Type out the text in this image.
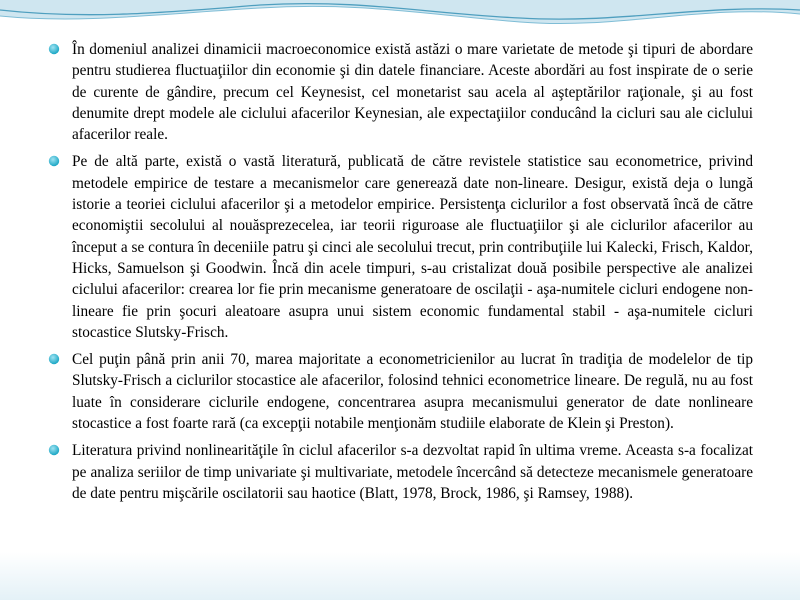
În domeniul analizei dinamicii macroeconomice există astăzi o mare varietate de metode şi tipuri de abordare pentru studierea fluctuaţiilor din economie şi din datele financiare. Aceste abordări au fost inspirate de o serie de curente de gândire, precum cel Keynesist, cel monetarist sau acela al aşteptărilor raţionale, şi au fost denumite drept modele ale ciclului afacerilor Keynesian, ale expectaţiilor conducând la cicluri sau ale ciclului afacerilor reale.

Pe de altă parte, există o vastă literatură, publicată de către revistele statistice sau econometrice, privind metodele empirice de testare a mecanismelor care generează date non-lineare. Desigur, există deja o lungă istorie a teoriei ciclului afacerilor şi a metodelor empirice. Persistenţa ciclurilor a fost observată încă de către economiştii secolului al nouăsprezecelea, iar teorii riguroase ale fluctuaţiilor şi ale ciclurilor afacerilor au început a se contura în deceniile patru şi cinci ale secolului trecut, prin contribuţiile lui Kalecki, Frisch, Kaldor, Hicks, Samuelson şi Goodwin. Încă din acele timpuri, s-au cristalizat două posibile perspective ale analizei ciclului afacerilor: crearea lor fie prin mecanisme generatoare de oscilaţii - aşa-numitele cicluri endogene non-lineare fie prin şocuri aleatoare asupra unui sistem economic fundamental stabil - aşa-numitele cicluri stocastice Slutsky-Frisch.

Cel puţin până prin anii 70, marea majoritate a econometricienilor au lucrat în tradiţia de modelelor de tip Slutsky-Frisch a ciclurilor stocastice ale afacerilor, folosind tehnici econometrice lineare. De regulă, nu au fost luate în considerare ciclurile endogene, concentrarea asupra mecanismului generator de date nonlineare stocastice a fost foarte rară (ca excepţii notabile menţionăm studiile elaborate de Klein şi Preston).

Literatura privind nonlinearităţile în ciclul afacerilor s-a dezvoltat rapid în ultima vreme. Aceasta s-a focalizat pe analiza seriilor de timp univariate şi multivariate, metodele încercând să detecteze mecanismele generatoare de date pentru mişcările oscilatorii sau haotice (Blatt, 1978, Brock, 1986, şi Ramsey, 1988).
